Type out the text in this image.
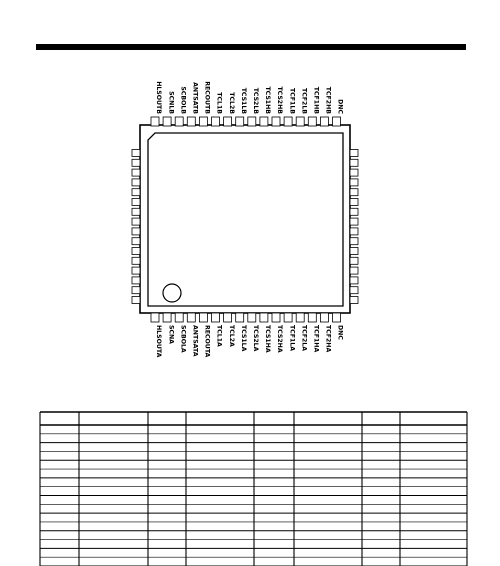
HLSOUTB SCNLB SCBOLB ANTSATB RECOUTB TCL1B TCL2B TCS1LB TCS2LB TCS1HB TCS2HB TCF1LB TCF2LB TCF1HB TCF2HB DNC
HLSOUTA SCNA SCBOLA ANTSATA RECOUTA TCL1A TCL2A TCS1LA TCS2LA TCS1HA TCS2HA TCF1LA TCF2LA TCF1HA TCF2HA DNC
